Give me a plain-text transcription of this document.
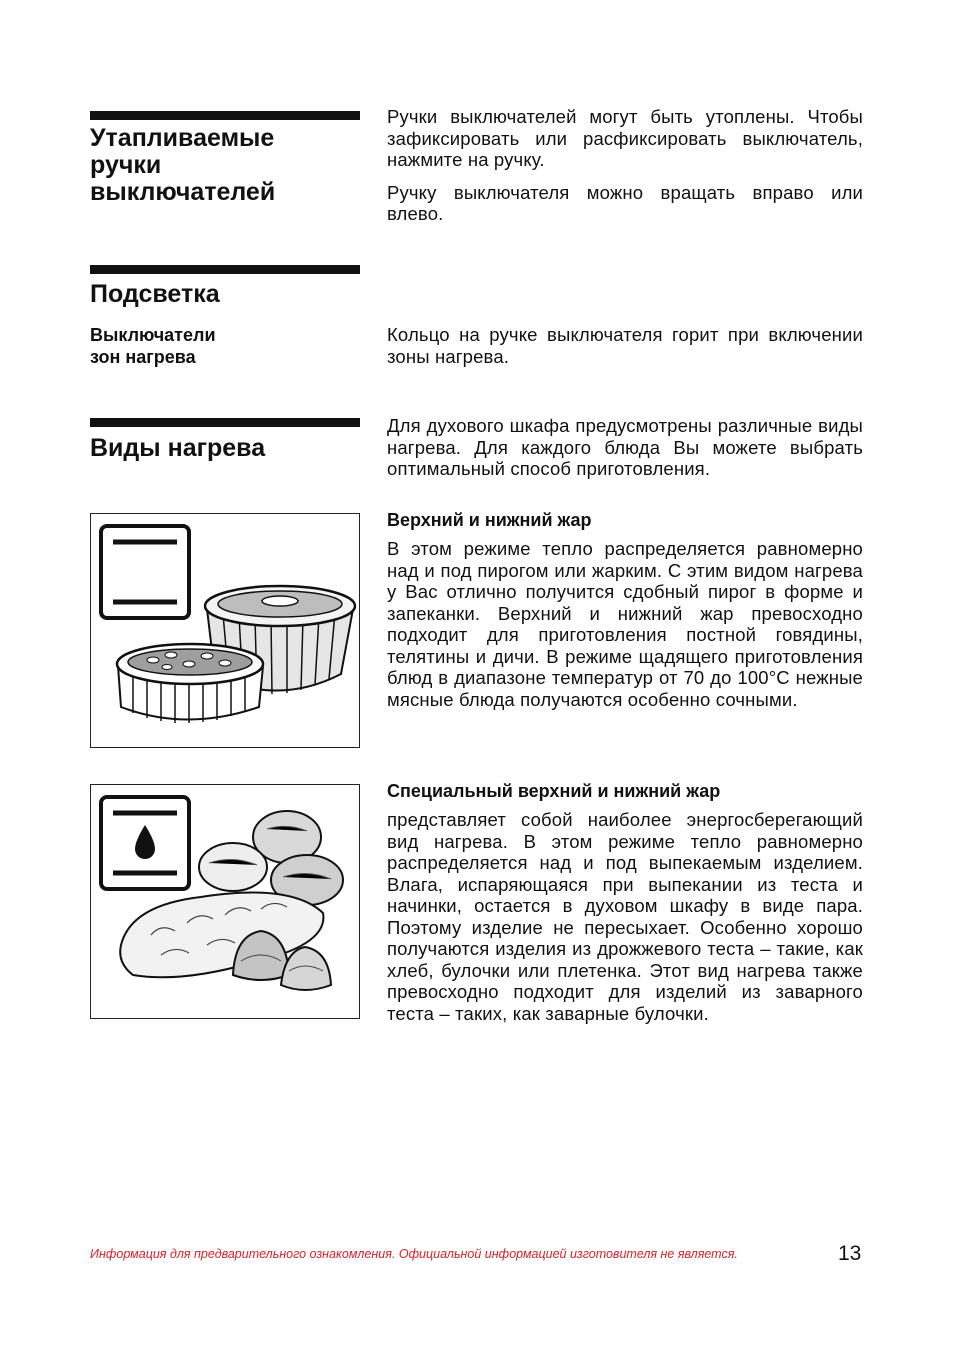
Утапливаемые
ручки
выключателей

Ручки выключателей могут быть утоплены. Чтобы зафиксировать или расфиксировать выключатель, нажмите на ручку.

Ручку выключателя можно вращать вправо или влево.

Подсветка
Выключатели
зон нагрева

Кольцо на ручке выключателя горит при включении зоны нагрева.

Виды нагрева

Для духового шкафа предусмотрены различные виды нагрева. Для каждого блюда Вы можете выбрать оптимальный способ приготовления.

Верхний и нижний жар

В этом режиме тепло распределяется равномерно над и под пирогом или жарким. С этим видом нагрева у Вас отлично получится сдобный пирог в форме и запеканки. Верхний и нижний жар превосходно подходит для приготовления постной говядины, телятины и дичи. В режиме щадящего приготовления блюд в диапазоне температур от 70 до 100°С нежные мясные блюда получаются особенно сочными.

Специальный верхний и нижний жар

представляет собой наиболее энергосберегающий вид нагрева. В этом режиме тепло равномерно распределяется над и под выпекаемым изделием. Влага, испаряющаяся при выпекании из теста и начинки, остается в духовом шкафу в виде пара. Поэтому изделие не пересыхает. Особенно хорошо получаются изделия из дрожжевого теста – такие, как хлеб, булочки или плетенка. Этот вид нагрева также превосходно подходит для изделий из заварного теста – таких, как заварные булочки.

Информация для предварительного ознакомления. Официальной информацией изготовителя не является.	13
